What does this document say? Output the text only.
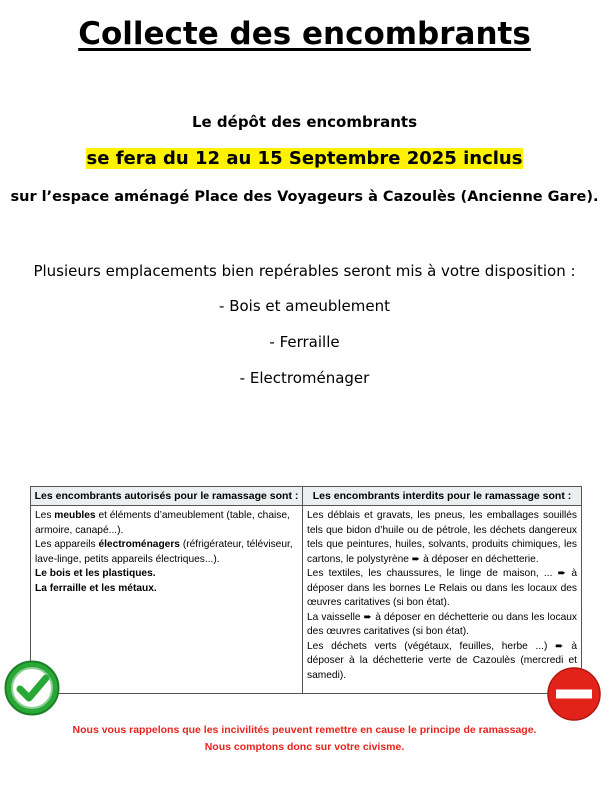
Collecte des encombrants
Le dépôt des encombrants
se fera du 12 au 15 Septembre 2025 inclus
sur l’espace aménagé Place des Voyageurs à Cazoulès (Ancienne Gare).
Plusieurs emplacements bien repérables seront mis à votre disposition :
- Bois et ameublement
- Ferraille
- Electroménager
Les encombrants autorisés pour le ramassage sont :

Les meubles et éléments d’ameublement (table, chaise, armoire, canapé...).

Les appareils électroménagers (réfrigérateur, téléviseur, lave-linge, petits appareils électriques...).

Le bois et les plastiques.

La ferraille et les métaux.

Les encombrants interdits pour le ramassage sont :

Les déblais et gravats, les pneus, les emballages souillés tels que bidon d’huile ou de pétrole, les déchets dangereux tels que peintures, huiles, solvants, produits chimiques, les cartons, le polystyrène ➨ à déposer en déchetterie.

Les textiles, les chaussures, le linge de maison, ... ➨ à déposer dans les bornes Le Relais ou dans les locaux des œuvres caritatives (si bon état).

La vaisselle ➨ à déposer en déchetterie ou dans les locaux des œuvres caritatives (si bon état).

Les déchets verts (végétaux, feuilles, herbe ...) ➨ à déposer à la déchetterie verte de Cazoulès (mercredi et samedi).

Nous vous rappelons que les incivilités peuvent remettre en cause le principe de ramassage.
Nous comptons donc sur votre civisme.
